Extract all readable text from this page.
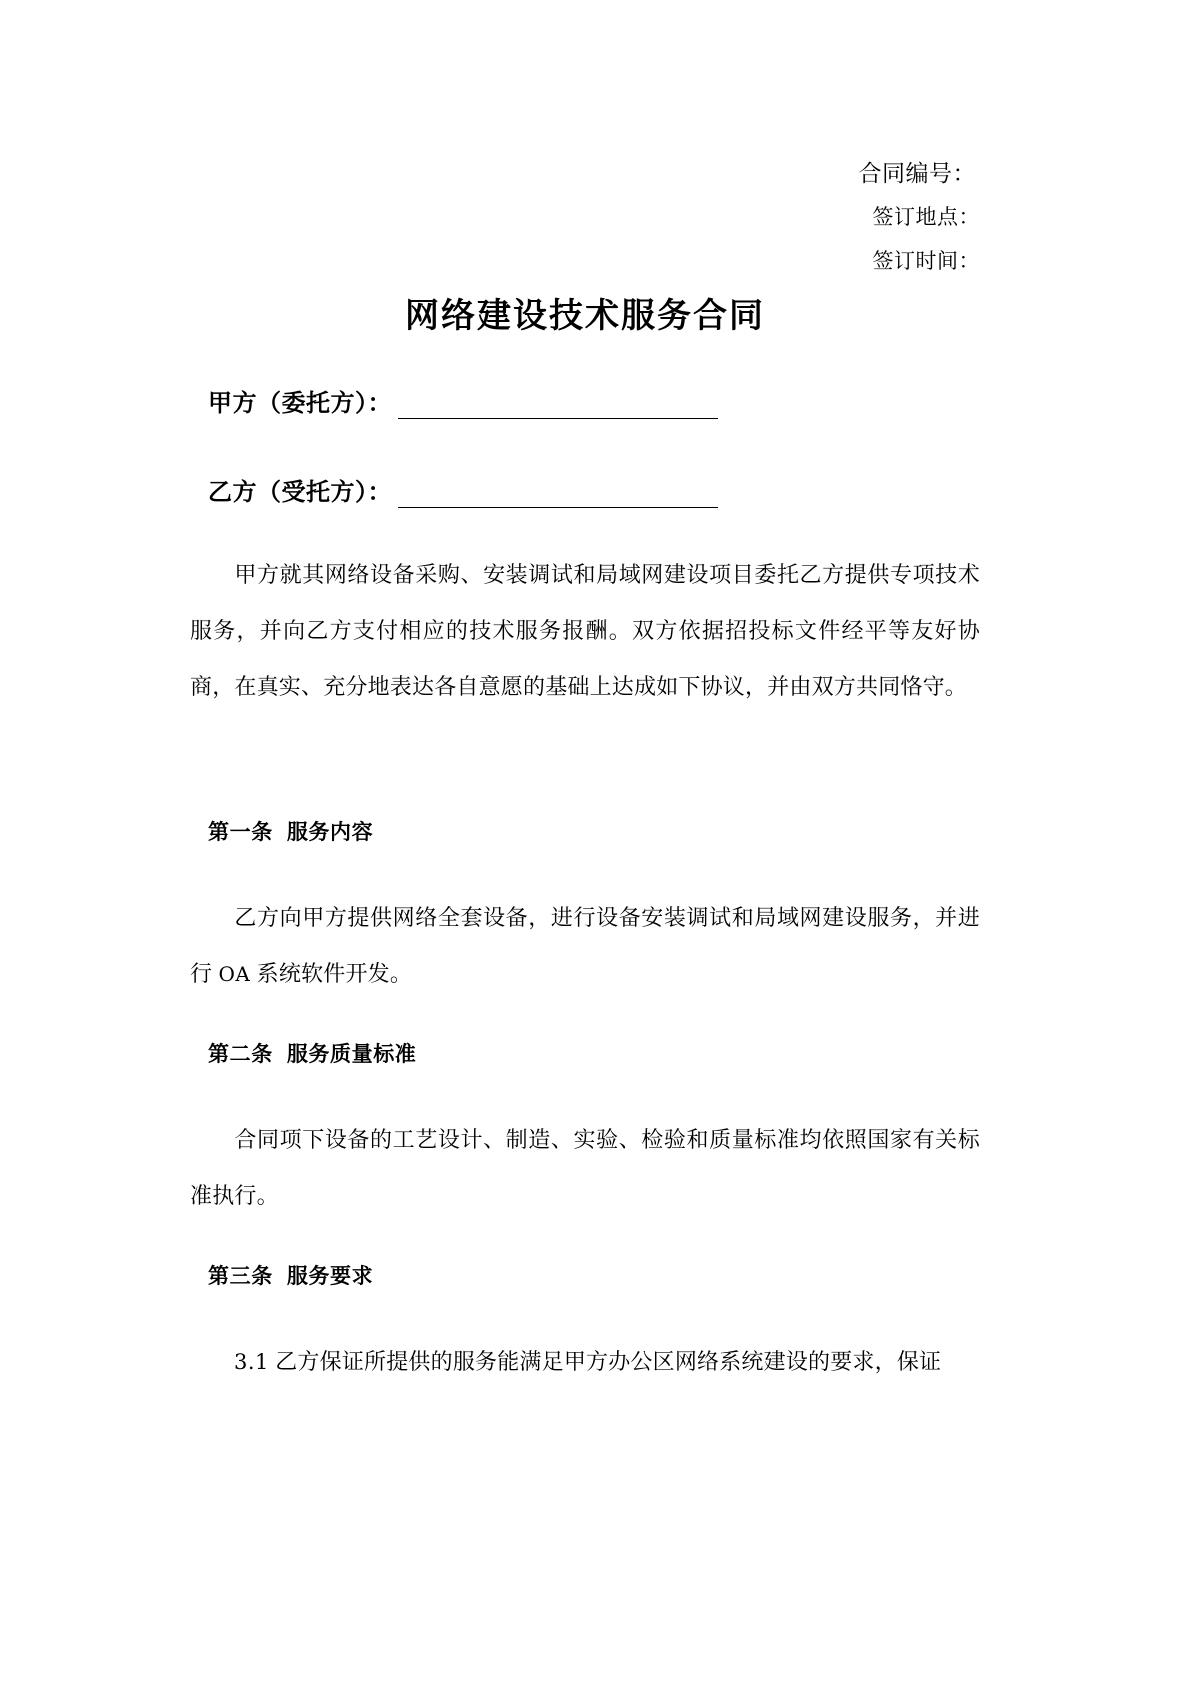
合同编号：
签订地点：
签订时间：
网络建设技术服务合同
甲方（委托方）：
乙方（受托方）：
甲方就其网络设备采购、安装调试和局域网建设项目委托乙方提供专项技术服务，并向乙方支付相应的技术服务报酬。双方依据招投标文件经平等友好协商，在真实、充分地表达各自意愿的基础上达成如下协议，并由双方共同恪守。
第一条 服务内容
乙方向甲方提供网络全套设备，进行设备安装调试和局域网建设服务，并进行 OA 系统软件开发。
第二条 服务质量标准
合同项下设备的工艺设计、制造、实验、检验和质量标准均依照国家有关标准执行。
第三条 服务要求
3.1 乙方保证所提供的服务能满足甲方办公区网络系统建设的要求，保证
